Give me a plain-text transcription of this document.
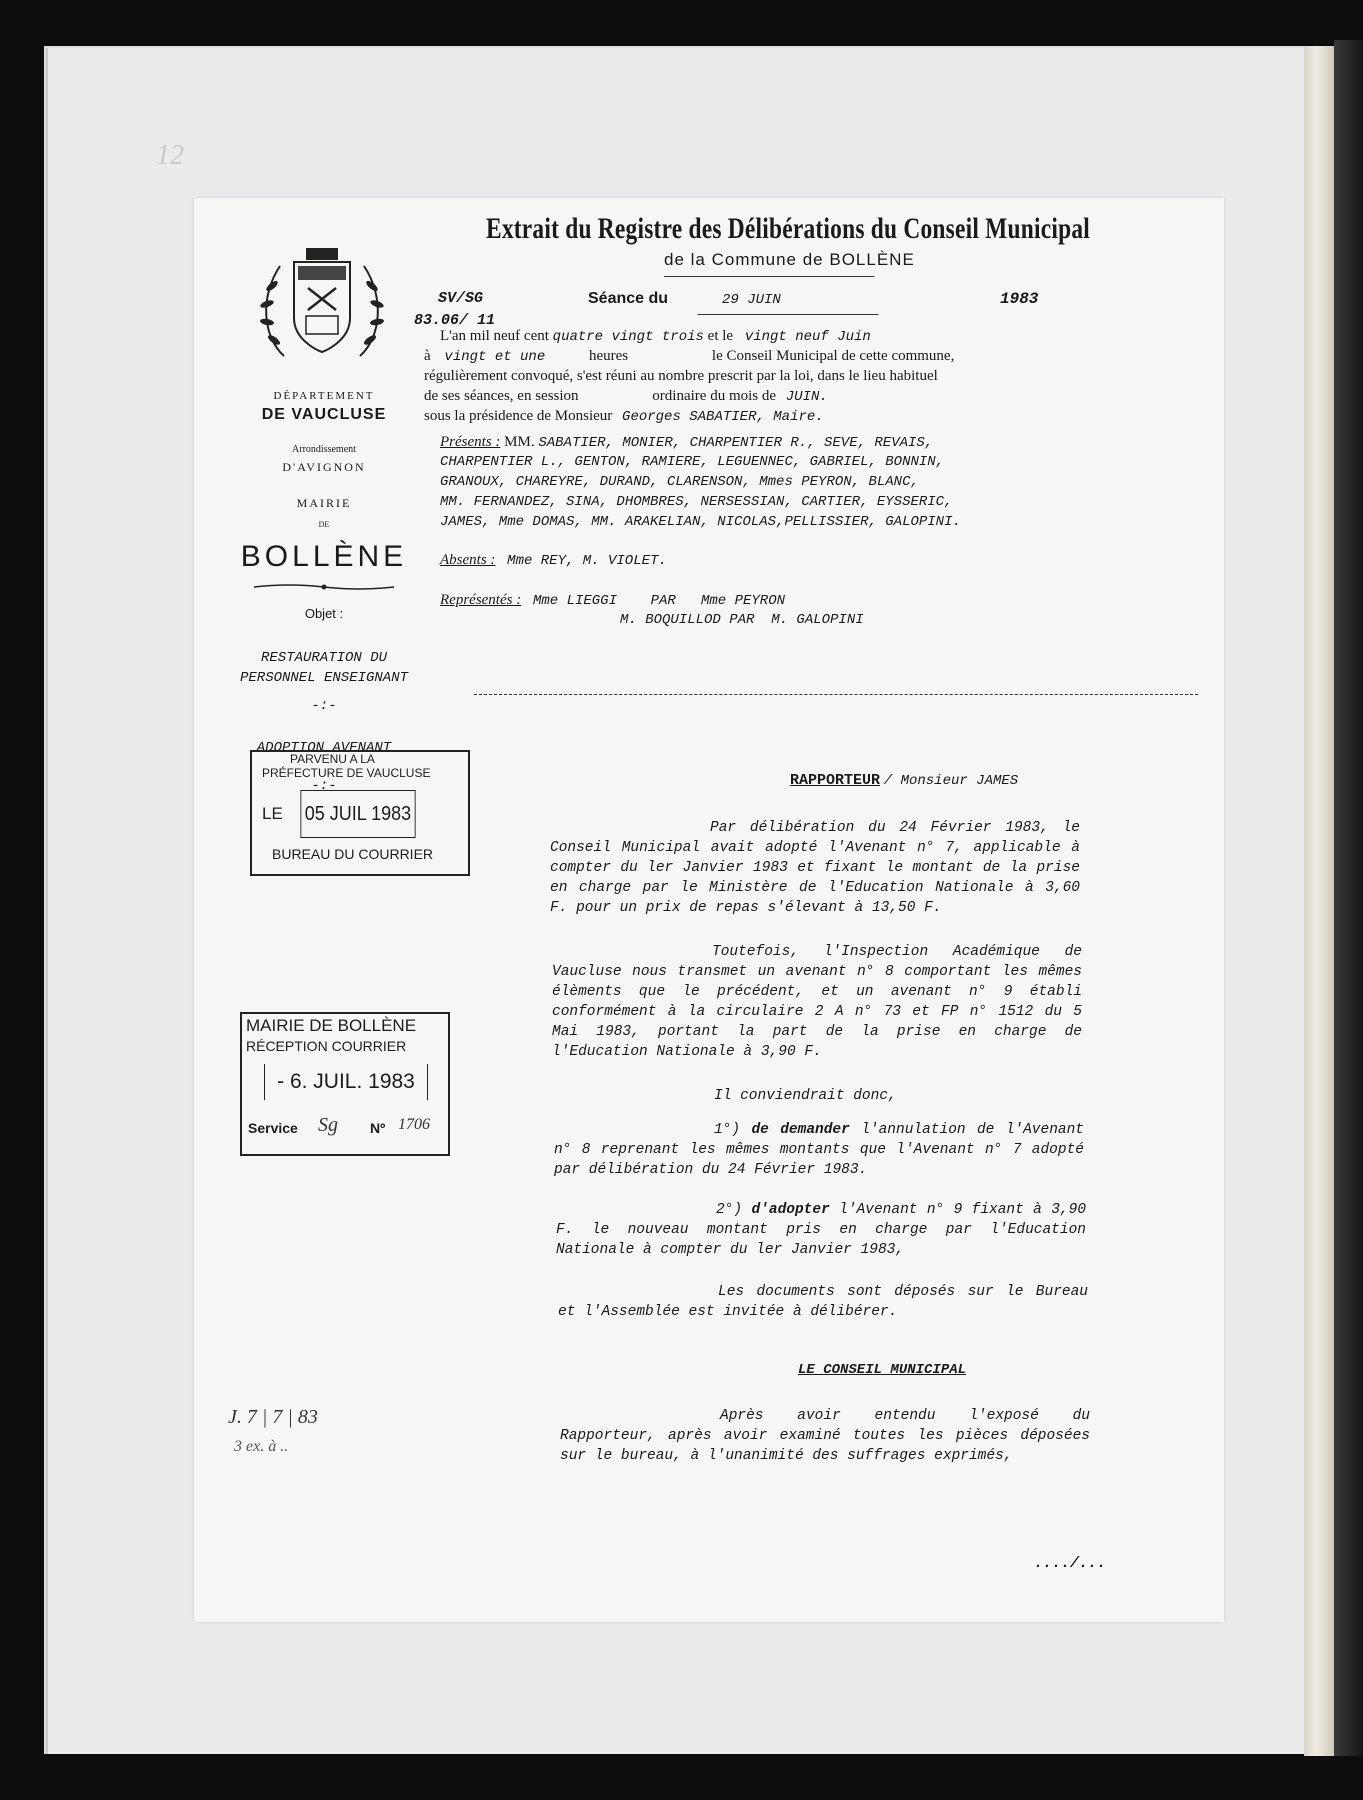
12
DÉPARTEMENT
DE VAUCLUSE
Arrondissement
D'AVIGNON
MAIRIE
DE
BOLLÈNE
Objet :
RESTAURATION DU
PERSONNEL ENSEIGNANT
-:-
ADOPTION AVENANT
-:-
Extrait du Registre des Délibérations du Conseil Municipal
de la Commune de BOLLÈNE
SV/SG	Séance du	29 JUIN	1983
83.06/ 11
L'an mil neuf cent quatre vingt trois et le vingt neuf Juin
à vingt et une	heures	le Conseil Municipal de cette commune,
régulièrement convoqué, s'est réuni au nombre prescrit par la loi, dans le lieu habituel
de ses séances, en session	ordinaire du mois de JUIN.
sous la présidence de Monsieur Georges SABATIER, Maire.
Présents : MM. SABATIER, MONIER, CHARPENTIER R., SEVE, REVAIS,
CHARPENTIER L., GENTON, RAMIERE, LEGUENNEC, GABRIEL, BONNIN,
GRANOUX, CHAREYRE, DURAND, CLARENSON, Mmes PEYRON, BLANC,
MM. FERNANDEZ, SINA, DHOMBRES, NERSESSIAN, CARTIER, EYSSERIC,
JAMES, Mme DOMAS, MM. ARAKELIAN, NICOLAS,PELLISSIER, GALOPINI.
Absents : Mme REY, M. VIOLET.
Représentés : Mme LIEGGI    PAR   Mme PEYRON
M. BOQUILLOD PAR  M. GALOPINI
RAPPORTEUR / Monsieur JAMES
Par délibération du 24 Février 1983, le Conseil Municipal avait adopté l'Avenant n° 7, applicable à compter du ler Janvier 1983 et fixant le montant de la prise en charge par le Ministère de l'Education Nationale à 3,60 F. pour un prix de repas s'élevant à 13,50 F.
Toutefois, l'Inspection Académique de Vaucluse nous transmet un avenant n° 8 comportant les mêmes élèments que le précédent, et un avenant n° 9 établi conformément à la circulaire 2 A n° 73 et FP n° 1512 du 5 Mai 1983, portant la part de la prise en charge de l'Education Nationale à 3,90 F.
Il conviendrait donc,
1°) de demander l'annulation de l'Avenant n° 8 reprenant les mêmes montants que l'Avenant n° 7 adopté par délibération du 24 Février 1983.
2°) d'adopter l'Avenant n° 9 fixant à 3,90 F. le nouveau montant pris en charge par l'Education Nationale à compter du ler Janvier 1983,
Les documents sont déposés sur le Bureau et l'Assemblée est invitée à délibérer.
LE CONSEIL MUNICIPAL
Après avoir entendu l'exposé du Rapporteur, après avoir examiné toutes les pièces déposées sur le bureau, à l'unanimité des suffrages exprimés,
..../...
PARVENU A LA
PRÉFECTURE DE VAUCLUSE
LE 05 JUIL 1983
BUREAU DU COURRIER
MAIRIE DE BOLLÈNE
RÉCEPTION COURRIER
- 6. JUIL. 1983
Service Sg Nº 1706
J. 7 | 7 | 83
3 ex. à ..
